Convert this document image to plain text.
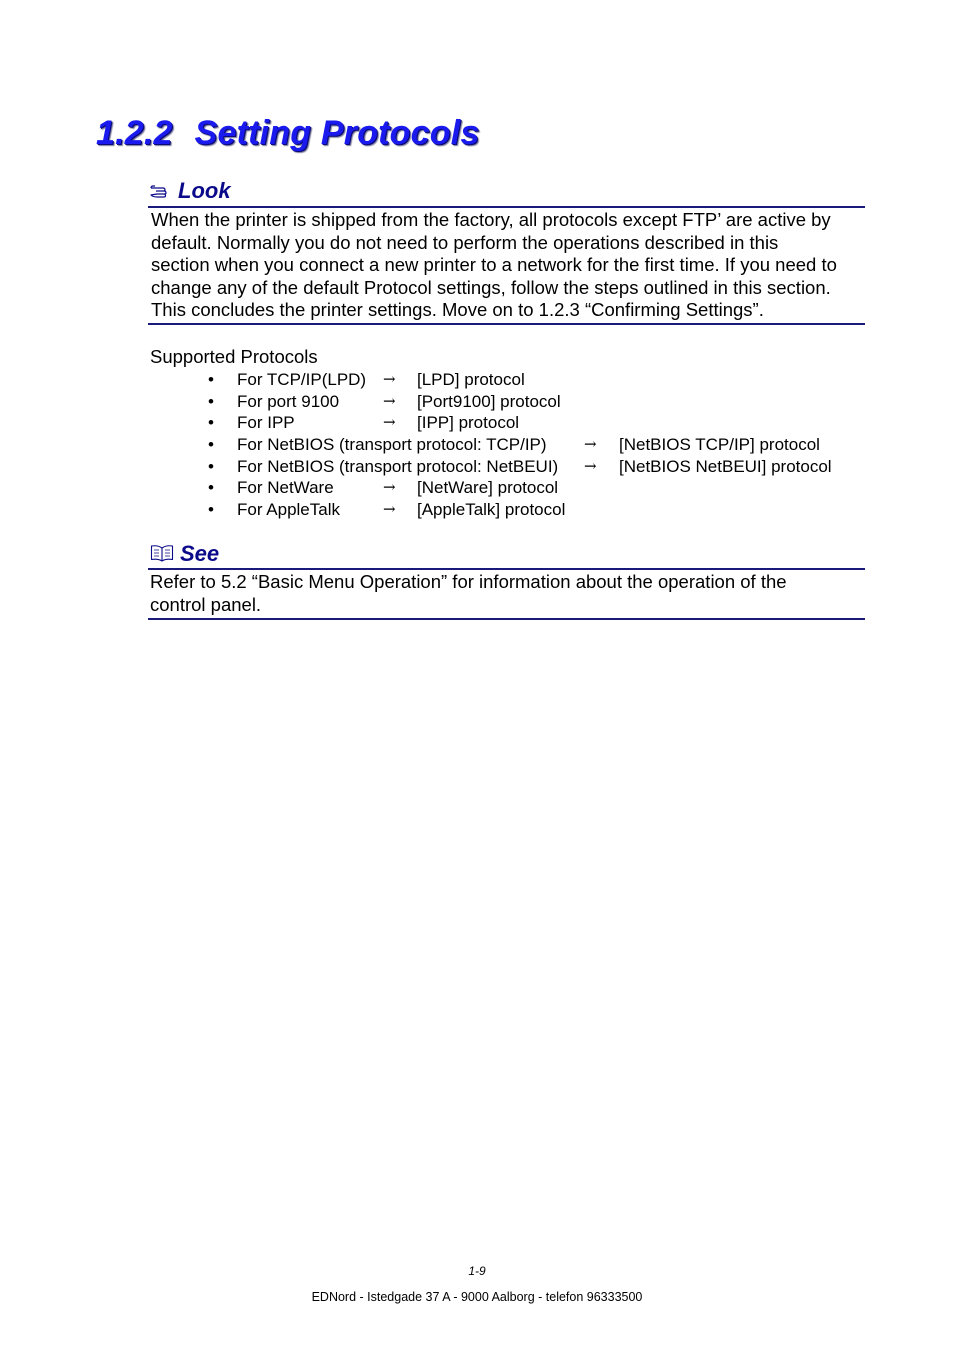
1.2.2 Setting Protocols
Look
When the printer is shipped from the factory, all protocols except FTP’ are active by
default. Normally you do not need to perform the operations described in this
section when you connect a new printer to a network for the first time. If you need to
change any of the default Protocol settings, follow the steps outlined in this section.
This concludes the printer settings. Move on to 1.2.3 “Confirming Settings”.
Supported Protocols
• For TCP/IP(LPD) → [LPD] protocol
• For port 9100	→ [Port9100] protocol
• For IPP	→ [IPP] protocol
• For NetBIOS (transport protocol: TCP/IP) → [NetBIOS TCP/IP] protocol
• For NetBIOS (transport protocol: NetBEUI) → [NetBIOS NetBEUI] protocol
• For NetWare	→ [NetWare] protocol
• For AppleTalk	→ [AppleTalk] protocol
See
Refer to 5.2 “Basic Menu Operation” for information about the operation of the
control panel.
1-9
EDNord - Istedgade 37 A - 9000 Aalborg - telefon 96333500
